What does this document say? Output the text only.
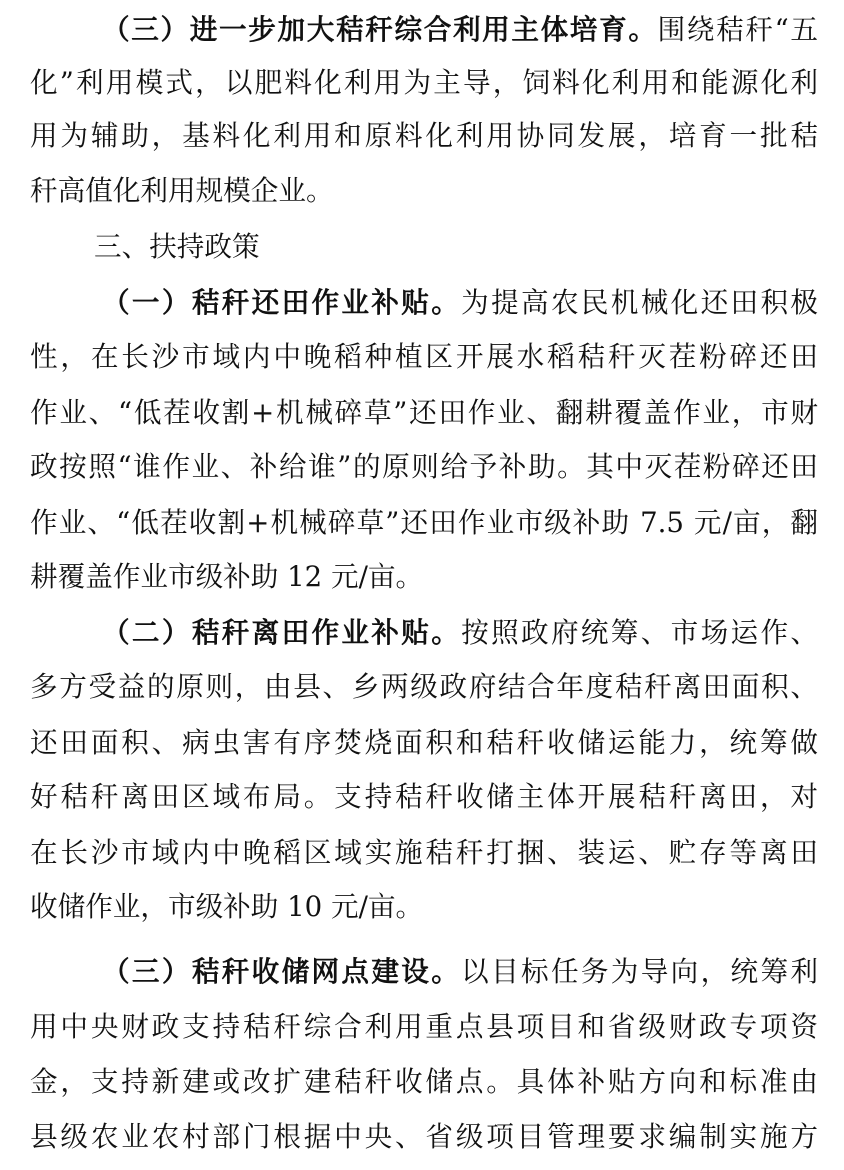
（三）进一步加大秸秆综合利用主体培育。围绕秸秆“五
化”利用模式，以肥料化利用为主导，饲料化利用和能源化利
用为辅助，基料化利用和原料化利用协同发展，培育一批秸
秆高值化利用规模企业。
三、扶持政策
（一）秸秆还田作业补贴。为提高农民机械化还田积极
性，在长沙市域内中晚稻种植区开展水稻秸秆灭茬粉碎还田
作业、“低茬收割+机械碎草”还田作业、翻耕覆盖作业，市财
政按照“谁作业、补给谁”的原则给予补助。其中灭茬粉碎还田
作业、“低茬收割+机械碎草”还田作业市级补助 7.5 元/亩，翻
耕覆盖作业市级补助 12 元/亩。
（二）秸秆离田作业补贴。按照政府统筹、市场运作、
多方受益的原则，由县、乡两级政府结合年度秸秆离田面积、
还田面积、病虫害有序焚烧面积和秸秆收储运能力，统筹做
好秸秆离田区域布局。支持秸秆收储主体开展秸秆离田，对
在长沙市域内中晚稻区域实施秸秆打捆、装运、贮存等离田
收储作业，市级补助 10 元/亩。
（三）秸秆收储网点建设。以目标任务为导向，统筹利
用中央财政支持秸秆综合利用重点县项目和省级财政专项资
金，支持新建或改扩建秸秆收储点。具体补贴方向和标准由
县级农业农村部门根据中央、省级项目管理要求编制实施方
